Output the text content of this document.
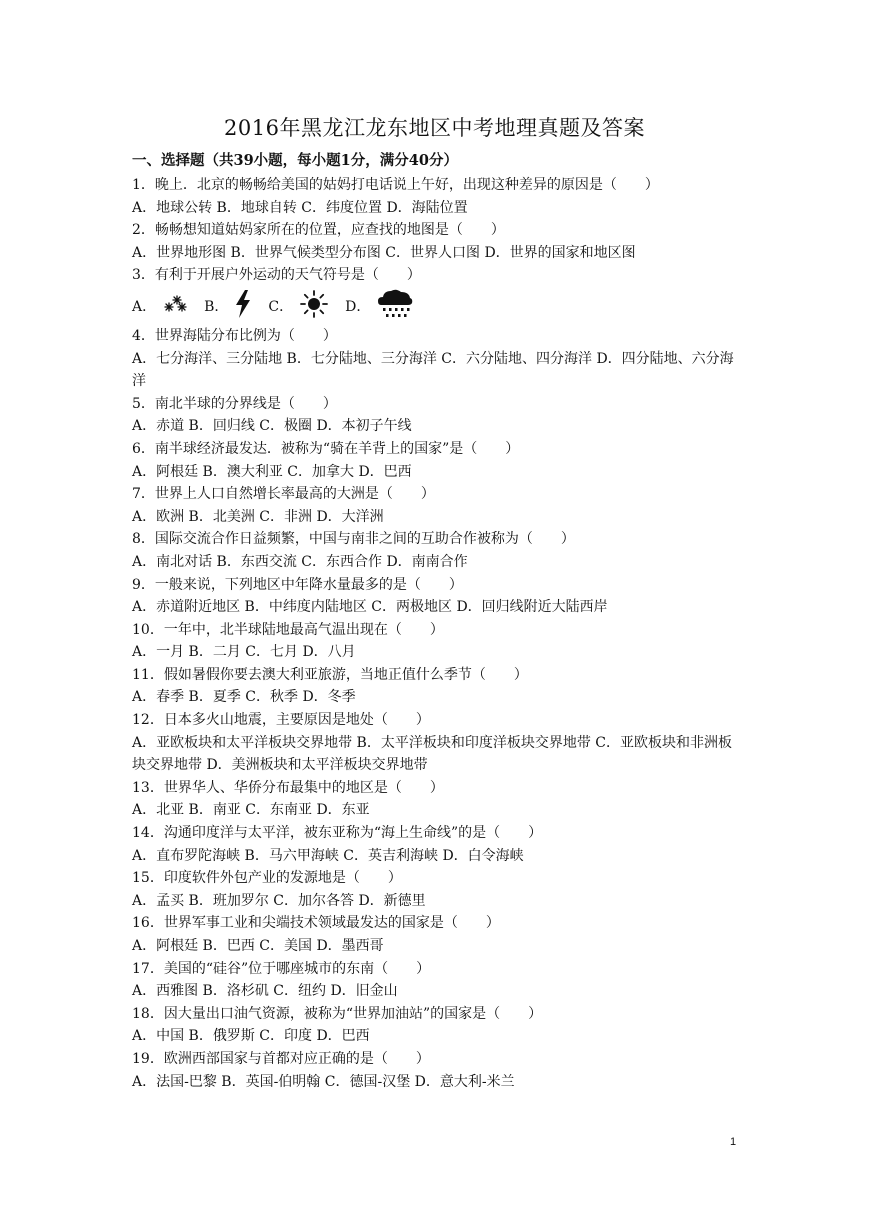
2016年黑龙江龙东地区中考地理真题及答案
一、选择题（共39小题，每小题1分，满分40分）
1．晚上．北京的畅畅给美国的姑妈打电话说上午好，出现这种差异的原因是（　　）
A．地球公转 B．地球自转 C．纬度位置 D．海陆位置
2．畅畅想知道姑妈家所在的位置，应查找的地图是（　　）
A．世界地形图 B．世界气候类型分布图 C．世界人口图 D．世界的国家和地区图
3．有利于开展户外运动的天气符号是（　　）
A．	B．	C．	D．
4．世界海陆分布比例为（　　）
A．七分海洋、三分陆地 B．七分陆地、三分海洋 C．六分陆地、四分海洋 D．四分陆地、六分海洋
5．南北半球的分界线是（　　）
A．赤道 B．回归线 C．极圈 D．本初子午线
6．南半球经济最发达．被称为“骑在羊背上的国家”是（　　）
A．阿根廷 B．澳大利亚 C．加拿大 D．巴西
7．世界上人口自然增长率最高的大洲是（　　）
A．欧洲 B．北美洲 C．非洲 D．大洋洲
8．国际交流合作日益频繁，中国与南非之间的互助合作被称为（　　）
A．南北对话 B．东西交流 C．东西合作 D．南南合作
9．一般来说，下列地区中年降水量最多的是（　　）
A．赤道附近地区 B．中纬度内陆地区 C．两极地区 D．回归线附近大陆西岸
10．一年中，北半球陆地最高气温出现在（　　）
A．一月 B．二月 C．七月 D．八月
11．假如暑假你要去澳大利亚旅游，当地正值什么季节（　　）
A．春季 B．夏季 C．秋季 D．冬季
12．日本多火山地震，主要原因是地处（　　）
A．亚欧板块和太平洋板块交界地带 B．太平洋板块和印度洋板块交界地带 C．亚欧板块和非洲板块交界地带 D．美洲板块和太平洋板块交界地带
13．世界华人、华侨分布最集中的地区是（　　）
A．北亚 B．南亚 C．东南亚 D．东亚
14．沟通印度洋与太平洋，被东亚称为“海上生命线”的是（　　）
A．直布罗陀海峡 B．马六甲海峡 C．英吉利海峡 D．白令海峡
15．印度软件外包产业的发源地是（　　）
A．孟买 B．班加罗尔 C．加尔各答 D．新德里
16．世界军事工业和尖端技术领域最发达的国家是（　　）
A．阿根廷 B．巴西 C．美国 D．墨西哥
17．美国的“硅谷”位于哪座城市的东南（　　）
A．西雅图 B．洛杉矶 C．纽约 D．旧金山
18．因大量出口油气资源，被称为“世界加油站”的国家是（　　）
A．中国 B．俄罗斯 C．印度 D．巴西
19．欧洲西部国家与首都对应正确的是（　　）
A．法国-巴黎 B．英国-伯明翰 C．德国-汉堡 D．意大利-米兰
1
